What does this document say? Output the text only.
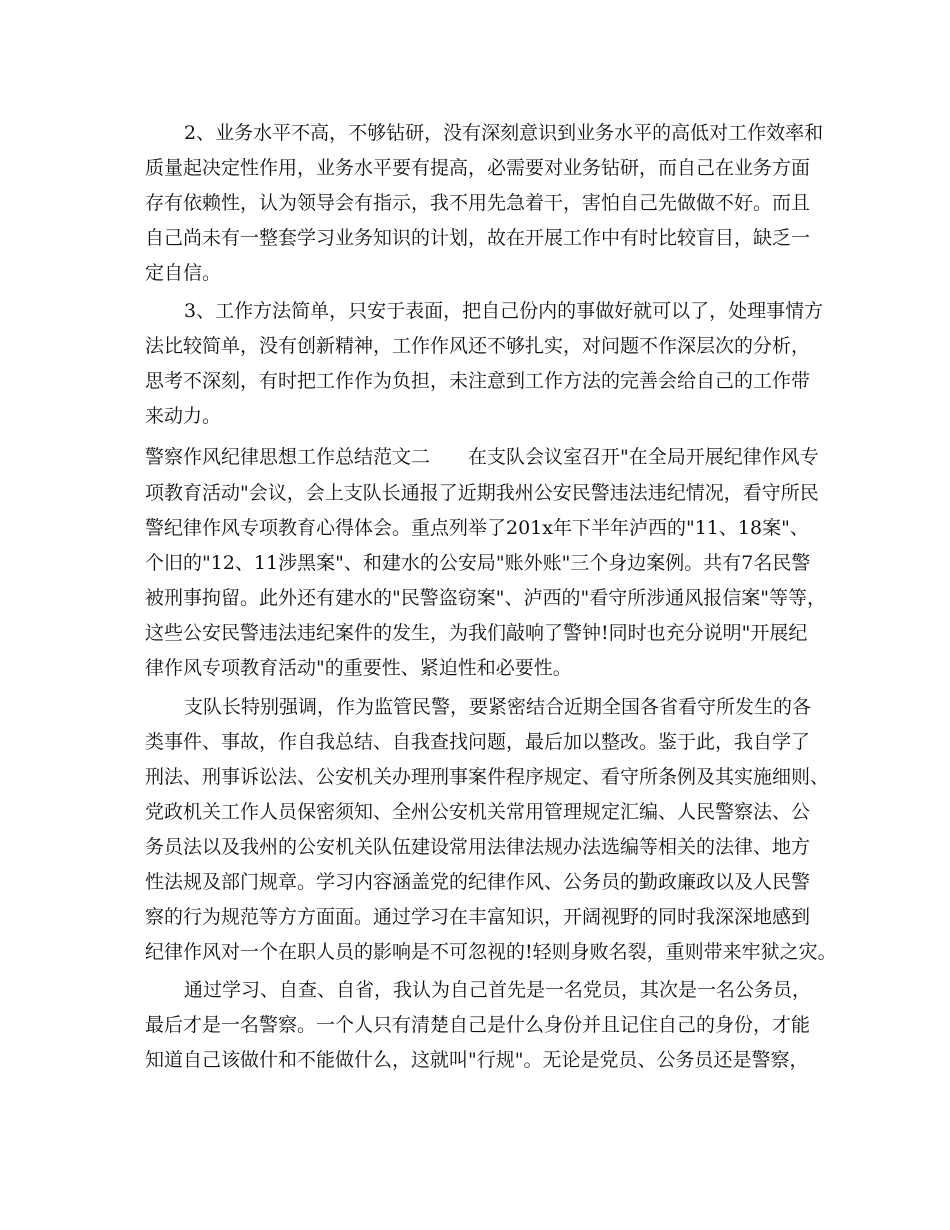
2、业务水平不高，不够钻研，没有深刻意识到业务水平的高低对工作效率和
质量起决定性作用，业务水平要有提高，必需要对业务钻研，而自己在业务方面
存有依赖性，认为领导会有指示，我不用先急着干，害怕自己先做做不好。而且
自己尚未有一整套学习业务知识的计划，故在开展工作中有时比较盲目，缺乏一
定自信。
3、工作方法简单，只安于表面，把自己份内的事做好就可以了，处理事情方
法比较简单，没有创新精神，工作作风还不够扎实，对问题不作深层次的分析，
思考不深刻，有时把工作作为负担，未注意到工作方法的完善会给自己的工作带
来动力。
警察作风纪律思想工作总结范文二　　在支队会议室召开"在全局开展纪律作风专
项教育活动"会议，会上支队长通报了近期我州公安民警违法违纪情况，看守所民
警纪律作风专项教育心得体会。重点列举了201x年下半年泸西的"11、18案"、
个旧的"12、11涉黑案"、和建水的公安局"账外账"三个身边案例。共有7名民警
被刑事拘留。此外还有建水的"民警盗窃案"、泸西的"看守所涉通风报信案"等等，
这些公安民警违法违纪案件的发生，为我们敲响了警钟!同时也充分说明"开展纪
律作风专项教育活动"的重要性、紧迫性和必要性。
支队长特别强调，作为监管民警，要紧密结合近期全国各省看守所发生的各
类事件、事故，作自我总结、自我查找问题，最后加以整改。鉴于此，我自学了
刑法、刑事诉讼法、公安机关办理刑事案件程序规定、看守所条例及其实施细则、
党政机关工作人员保密须知、全州公安机关常用管理规定汇编、人民警察法、公
务员法以及我州的公安机关队伍建设常用法律法规办法选编等相关的法律、地方
性法规及部门规章。学习内容涵盖党的纪律作风、公务员的勤政廉政以及人民警
察的行为规范等方方面面。通过学习在丰富知识，开阔视野的同时我深深地感到
纪律作风对一个在职人员的影响是不可忽视的!轻则身败名裂，重则带来牢狱之灾。
通过学习、自查、自省，我认为自己首先是一名党员，其次是一名公务员，
最后才是一名警察。一个人只有清楚自己是什么身份并且记住自己的身份，才能
知道自己该做什和不能做什么，这就叫"行规"。无论是党员、公务员还是警察，
